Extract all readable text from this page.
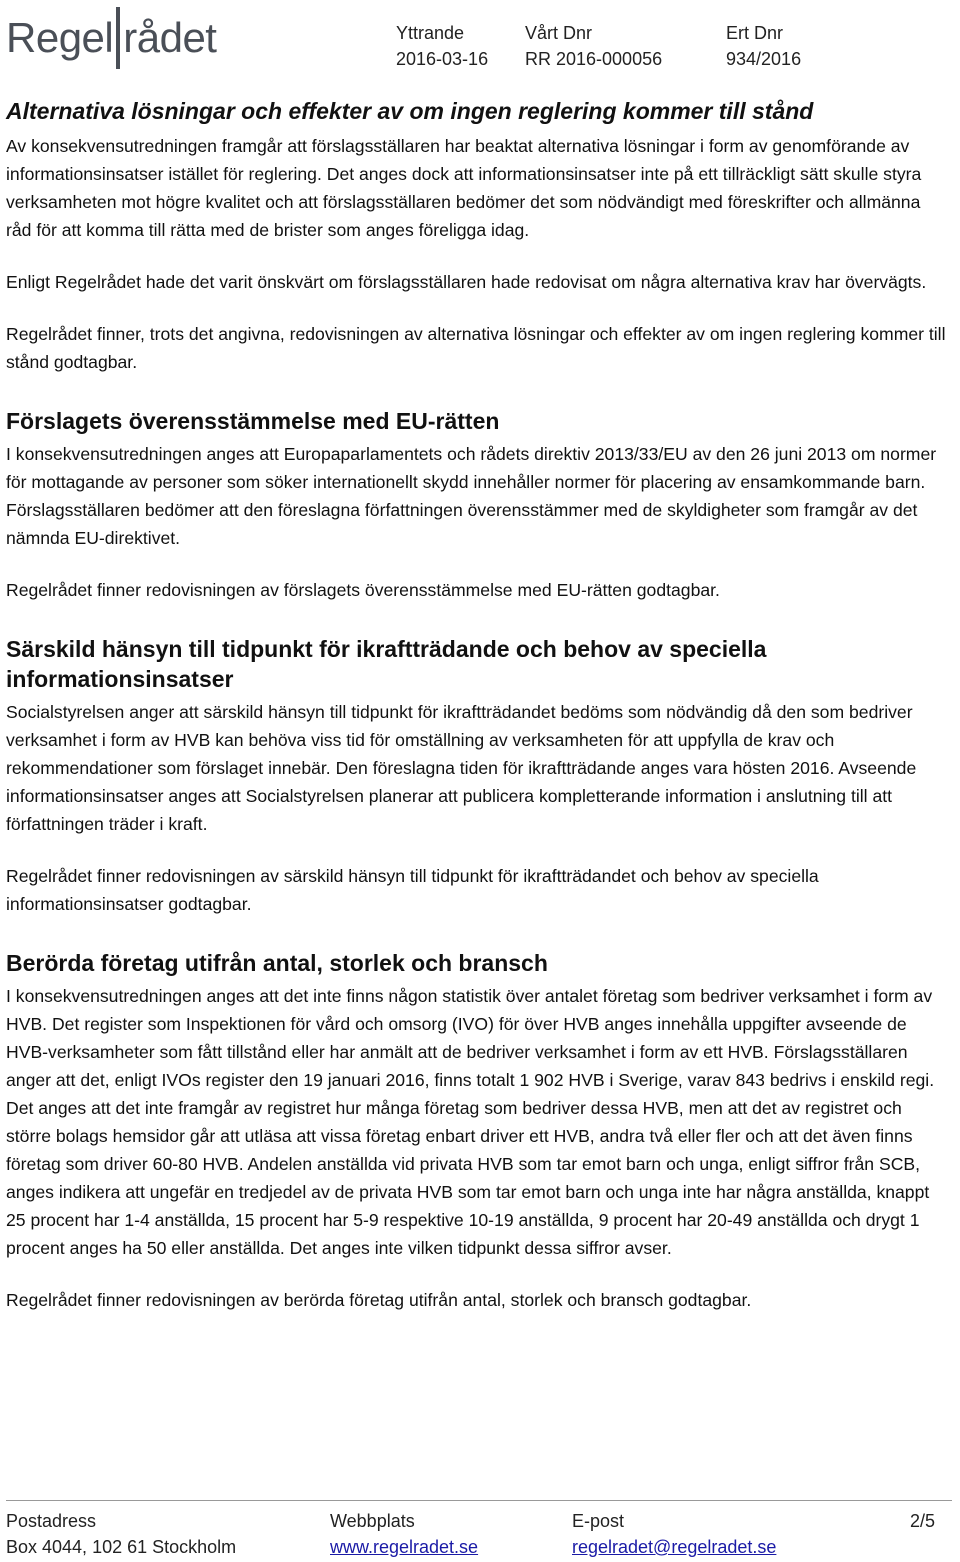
Regel rådet	Yttrande
2016-03-16
Vårt Dnr
RR 2016-000056
Ert Dnr
934/2016
Alternativa lösningar och effekter av om ingen reglering kommer till stånd

Av konsekvensutredningen framgår att förslagsställaren har beaktat alternativa lösningar i form av genomförande av informationsinsatser istället för reglering. Det anges dock att informationsinsatser inte på ett tillräckligt sätt skulle styra verksamheten mot högre kvalitet och att förslagsställaren bedömer det som nödvändigt med föreskrifter och allmänna råd för att komma till rätta med de brister som anges föreligga idag.

Enligt Regelrådet hade det varit önskvärt om förslagsställaren hade redovisat om några alternativa krav har övervägts.

Regelrådet finner, trots det angivna, redovisningen av alternativa lösningar och effekter av om ingen reglering kommer till stånd godtagbar.

Förslagets överensstämmelse med EU-rätten

I konsekvensutredningen anges att Europaparlamentets och rådets direktiv 2013/33/EU av den 26 juni 2013 om normer för mottagande av personer som söker internationellt skydd innehåller normer för placering av ensamkommande barn. Förslagsställaren bedömer att den föreslagna författningen överensstämmer med de skyldigheter som framgår av det nämnda EU-direktivet.

Regelrådet finner redovisningen av förslagets överensstämmelse med EU-rätten godtagbar.

Särskild hänsyn till tidpunkt för ikraftträdande och behov av speciella informationsinsatser

Socialstyrelsen anger att särskild hänsyn till tidpunkt för ikraftträdandet bedöms som nödvändig då den som bedriver verksamhet i form av HVB kan behöva viss tid för omställning av verksamheten för att uppfylla de krav och rekommendationer som förslaget innebär. Den föreslagna tiden för ikraftträdande anges vara hösten 2016. Avseende informationsinsatser anges att Socialstyrelsen planerar att publicera kompletterande information i anslutning till att författningen träder i kraft.

Regelrådet finner redovisningen av särskild hänsyn till tidpunkt för ikraftträdandet och behov av speciella informationsinsatser godtagbar.

Berörda företag utifrån antal, storlek och bransch

I konsekvensutredningen anges att det inte finns någon statistik över antalet företag som bedriver verksamhet i form av HVB. Det register som Inspektionen för vård och omsorg (IVO) för över HVB anges innehålla uppgifter avseende de HVB-verksamheter som fått tillstånd eller har anmält att de bedriver verksamhet i form av ett HVB. Förslagsställaren anger att det, enligt IVOs register den 19 januari 2016, finns totalt 1 902 HVB i Sverige, varav 843 bedrivs i enskild regi. Det anges att det inte framgår av registret hur många företag som bedriver dessa HVB, men att det av registret och större bolags hemsidor går att utläsa att vissa företag enbart driver ett HVB, andra två eller fler och att det även finns företag som driver 60-80 HVB. Andelen anställda vid privata HVB som tar emot barn och unga, enligt siffror från SCB, anges indikera att ungefär en tredjedel av de privata HVB som tar emot barn och unga inte har några anställda, knappt 25 procent har 1-4 anställda, 15 procent har 5-9 respektive 10-19 anställda, 9 procent har 20-49 anställda och drygt 1 procent anges ha 50 eller anställda. Det anges inte vilken tidpunkt dessa siffror avser.

Regelrådet finner redovisningen av berörda företag utifrån antal, storlek och bransch godtagbar.

Postadress
Box 4044, 102 61 Stockholm
Webbplats
www.regelradet.se
E-post
regelradet@regelradet.se
2/5
